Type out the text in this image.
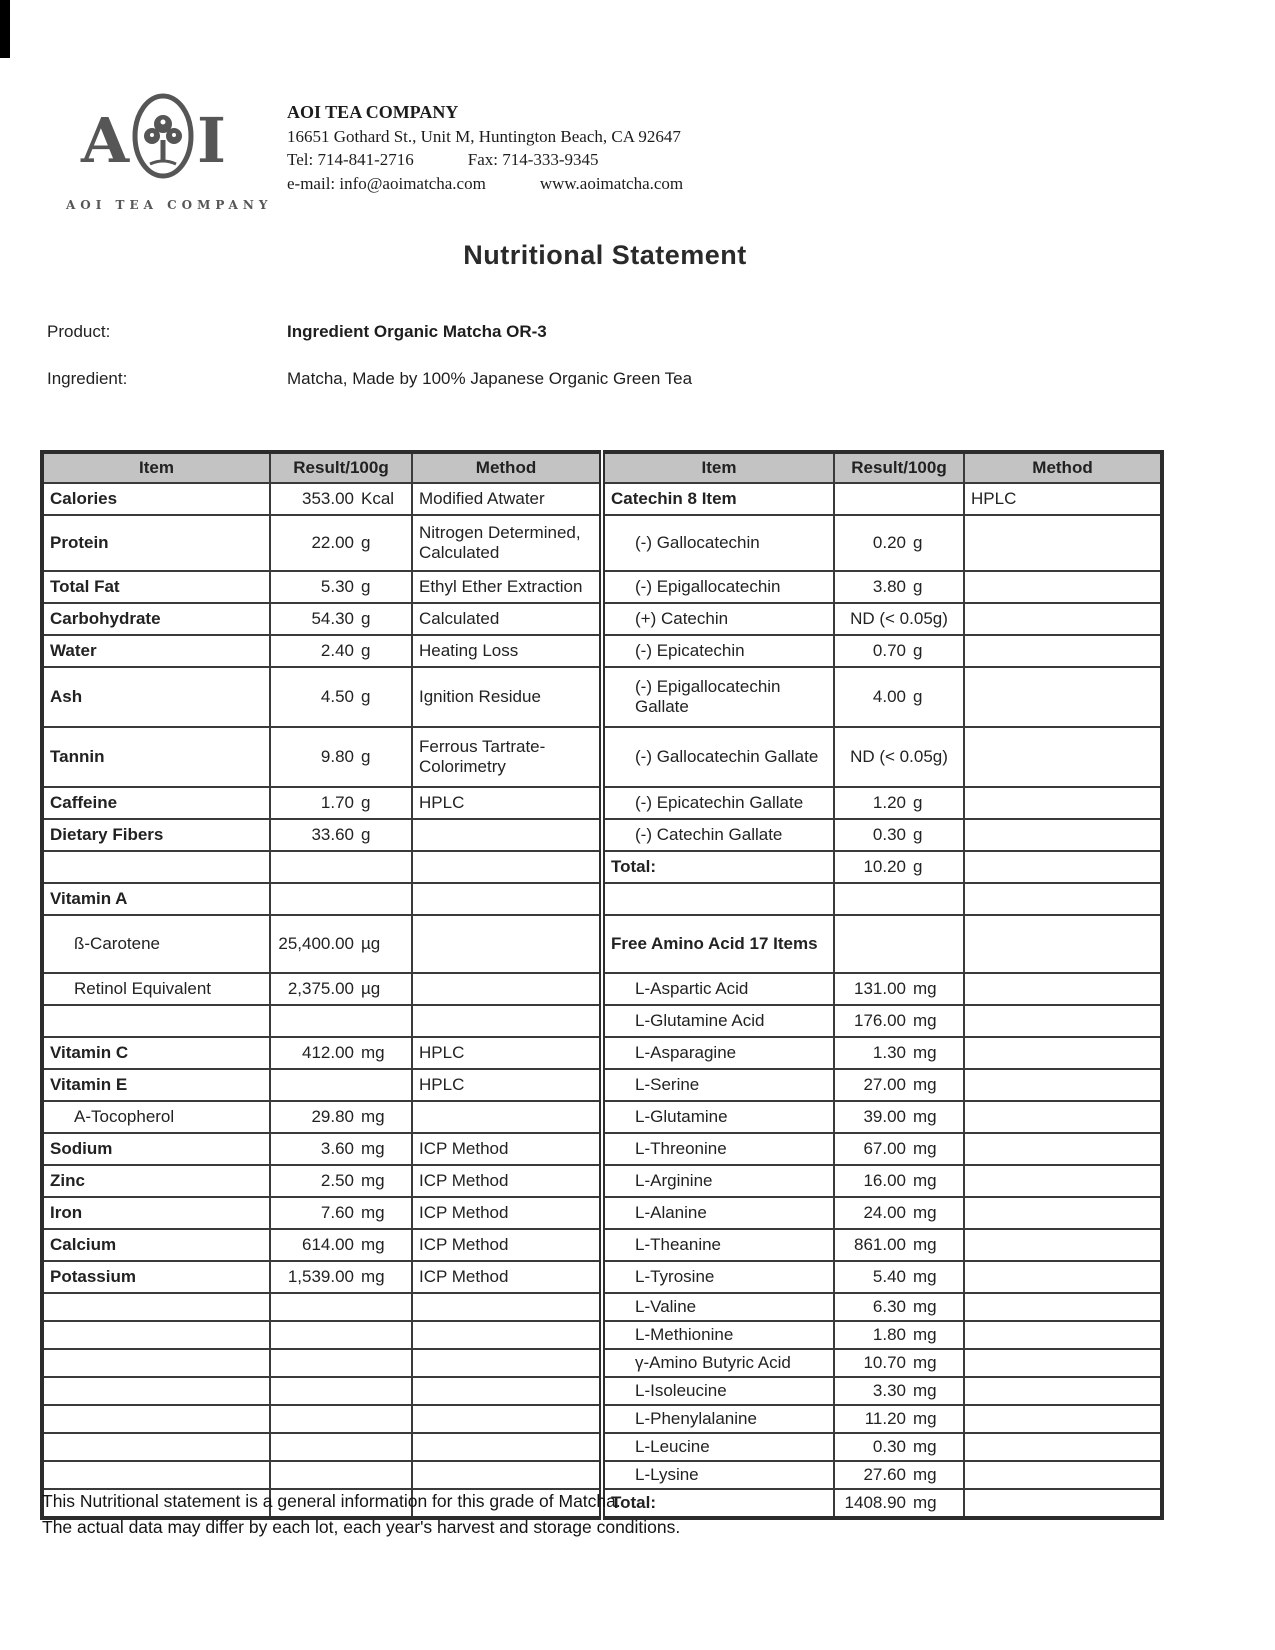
A I
AOI TEA COMPANY
AOI TEA COMPANY
16651 Gothard St., Unit M, Huntington Beach, CA 92647
Tel: 714-841-2716	Fax: 714-333-9345
e-mail: info@aoimatcha.com	www.aoimatcha.com
Nutritional Statement
Product:	Ingredient Organic Matcha OR-3
Ingredient:	Matcha, Made by 100% Japanese Organic Green Tea
Item	Result/100g	Method	Item	Result/100g	Method
Calories	353.00 Kcal	Modified Atwater	Catechin 8 Item		HPLC
Protein	22.00 g	Nitrogen Determined, Calculated	(-) Gallocatechin	0.20 g	

Total Fat	5.30 g	Ethyl Ether Extraction	(-) Epigallocatechin	3.80 g	

Carbohydrate	54.30 g	Calculated	(+) Catechin	ND (< 0.05g)	
Water	2.40 g	Heating Loss	(-) Epicatechin	0.70 g	

Ash	4.50 g	Ignition Residue	(-) Epigallocatechin Gallate	4.00 g	

Tannin	9.80 g	Ferrous Tartrate-Colorimetry	(-) Gallocatechin Gallate	ND (< 0.05g)	
Caffeine	1.70 g	HPLC	(-) Epicatechin Gallate	1.20 g	

Dietary Fibers	33.60 g		(-) Catechin Gallate	0.30 g	

			Total:	10.20 g	

Vitamin A					
ß-Carotene	25,400.00 µg		Free Amino Acid 17 Items		
Retinol Equivalent	2,375.00 µg		L-Aspartic Acid	131.00 mg	

			L-Glutamine Acid	176.00 mg	

Vitamin C	412.00 mg	HPLC	L-Asparagine	1.30 mg	

Vitamin E		HPLC	L-Serine	27.00 mg	

A-Tocopherol	29.80 mg		L-Glutamine	39.00 mg	

Sodium	3.60 mg	ICP Method	L-Threonine	67.00 mg	

Zinc	2.50 mg	ICP Method	L-Arginine	16.00 mg	

Iron	7.60 mg	ICP Method	L-Alanine	24.00 mg	

Calcium	614.00 mg	ICP Method	L-Theanine	861.00 mg	

Potassium	1,539.00 mg	ICP Method	L-Tyrosine	5.40 mg	

			L-Valine	6.30 mg	

			L-Methionine	1.80 mg	

			γ-Amino Butyric Acid	10.70 mg	

			L-Isoleucine	3.30 mg	

			L-Phenylalanine	11.20 mg	

			L-Leucine	0.30 mg	

			L-Lysine	27.60 mg	

			Total:	1408.90 mg	

This Nutritional statement is a general information for this grade of Matcha.
The actual data may differ by each lot, each year's harvest and storage conditions.
